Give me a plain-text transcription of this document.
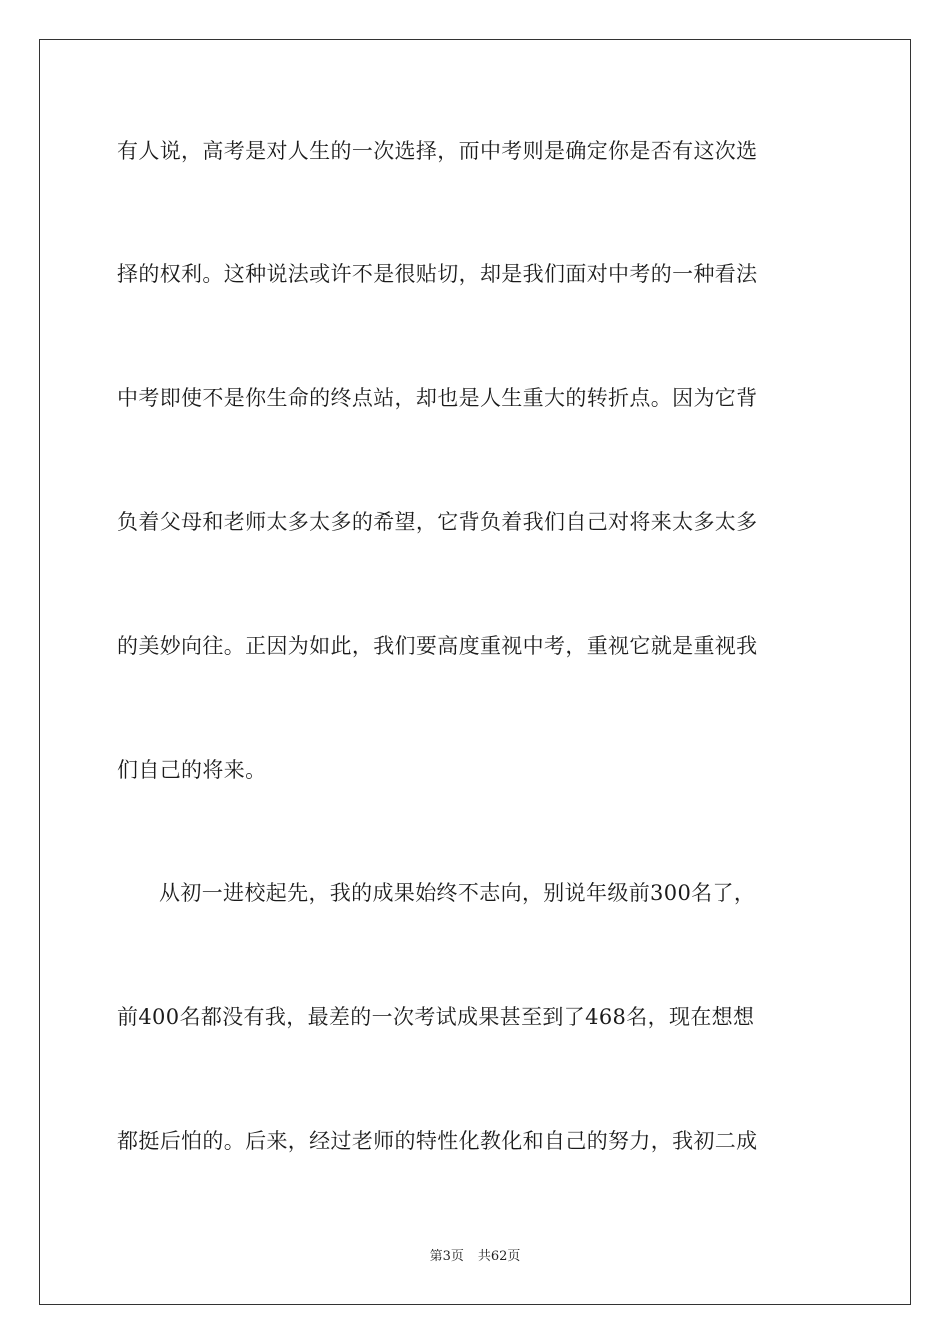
有人说，高考是对人生的一次选择，而中考则是确定你是否有这次选
择的权利。这种说法或许不是很贴切，却是我们面对中考的一种看法
中考即使不是你生命的终点站，却也是人生重大的转折点。因为它背
负着父母和老师太多太多的希望，它背负着我们自己对将来太多太多
的美妙向往。正因为如此，我们要高度重视中考，重视它就是重视我
们自己的将来。
从初一进校起先，我的成果始终不志向，别说年级前300名了，
前400名都没有我，最差的一次考试成果甚至到了468名，现在想想
都挺后怕的。后来，经过老师的特性化教化和自己的努力，我初二成
第3页 共62页
